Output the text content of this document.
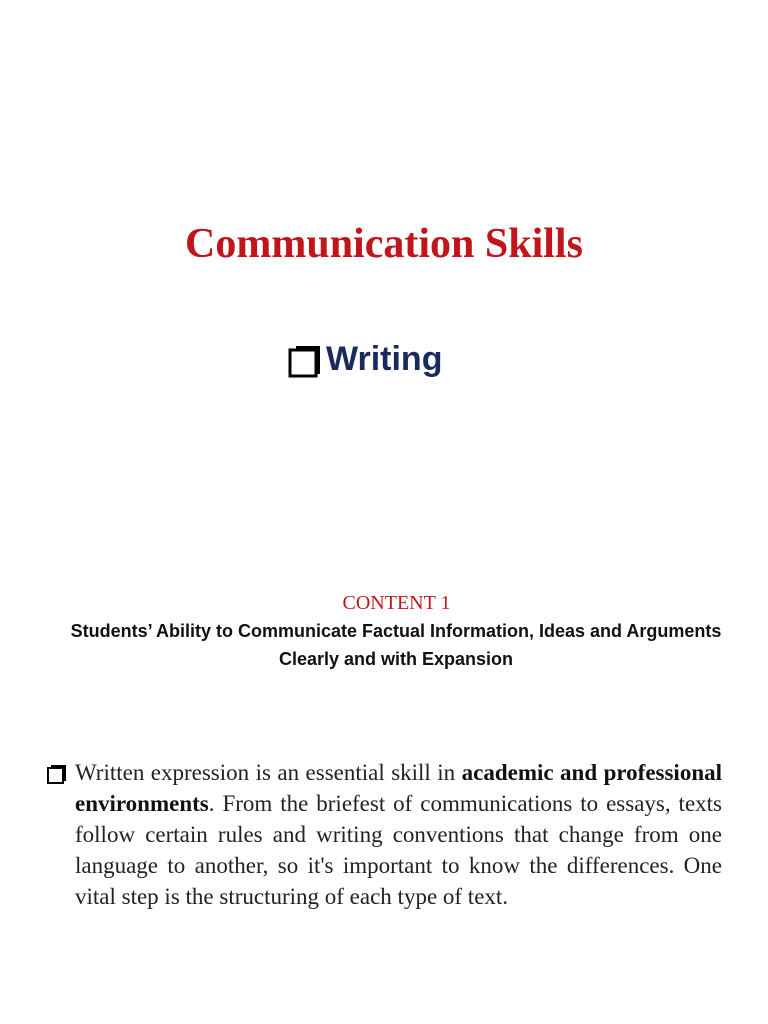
Communication Skills
Writing
CONTENT 1
Students’ Ability to Communicate Factual Information, Ideas and Arguments Clearly and with Expansion

Written expression is an essential skill in academic and professional environments. From the briefest of communications to essays, texts follow certain rules and writing conventions that change from one language to another, so it's important to know the differences. One vital step is the structuring of each type of text.
